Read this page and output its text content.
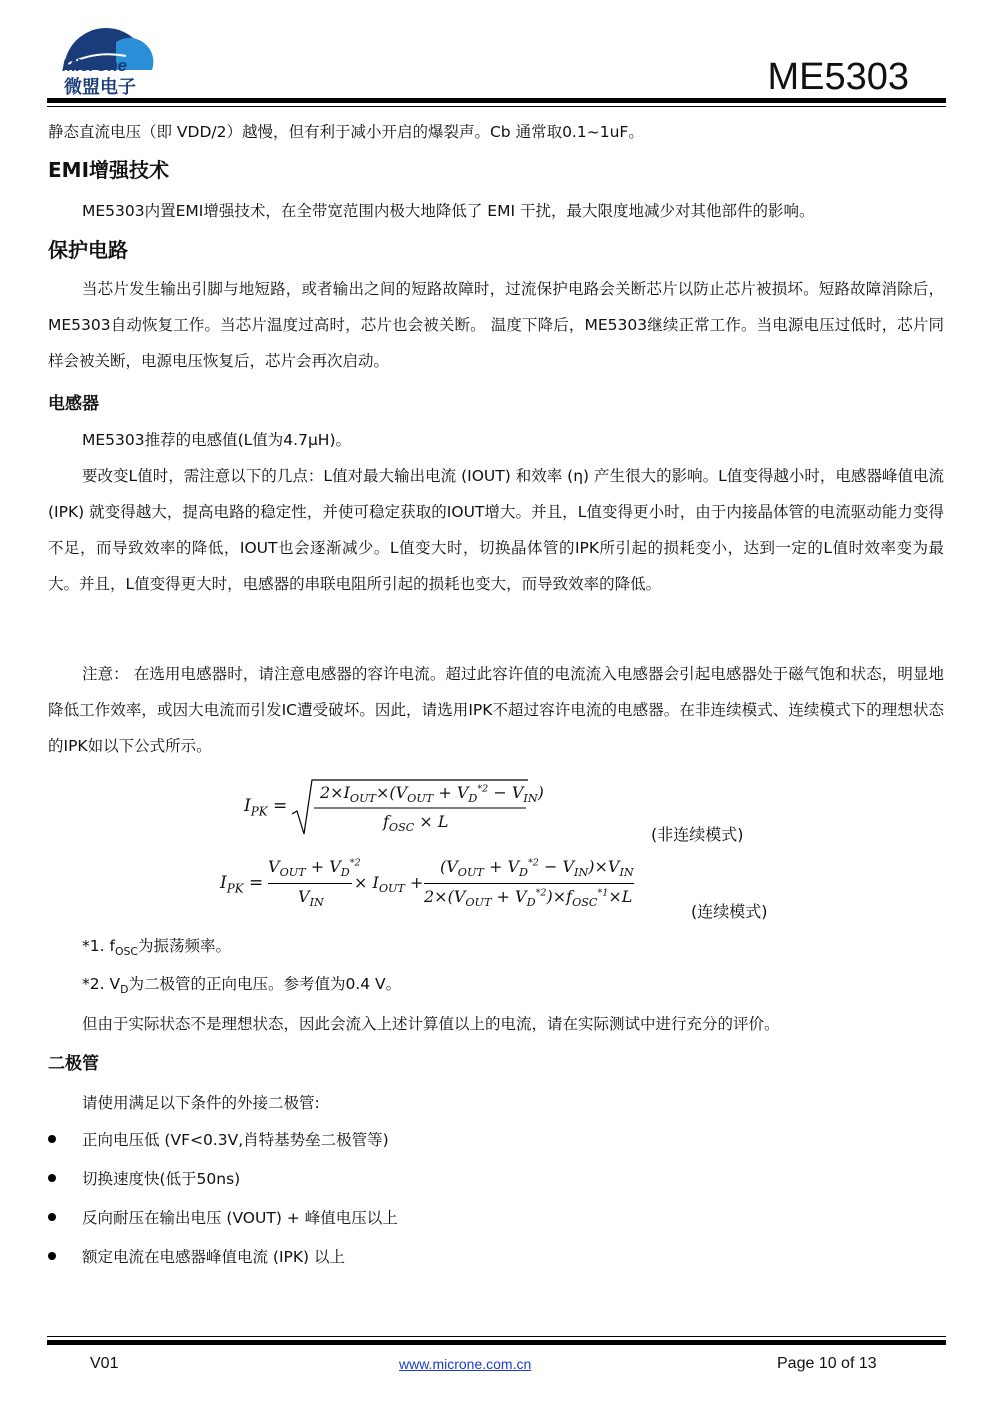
MicrOne
微盟电子	ME5303
静态直流电压（即 VDD/2）越慢，但有利于减小开启的爆裂声。Cb 通常取0.1~1uF。
EMI增强技术
ME5303内置EMI增强技术，在全带宽范围内极大地降低了 EMI 干扰，最大限度地减少对其他部件的影响。
保护电路
当芯片发生输出引脚与地短路，或者输出之间的短路故障时，过流保护电路会关断芯片以防止芯片被损坏。短路故障消除后，ME5303自动恢复工作。当芯片温度过高时，芯片也会被关断。 温度下降后，ME5303继续正常工作。当电源电压过低时，芯片同样会被关断，电源电压恢复后，芯片会再次启动。
电感器
ME5303推荐的电感值(L值为4.7µH)。
要改变L值时，需注意以下的几点：L值对最大输出电流 (IOUT) 和效率 (η) 产生很大的影响。L值变得越小时，电感器峰值电流 (IPK) 就变得越大，提高电路的稳定性，并使可稳定获取的IOUT增大。并且，L值变得更小时，由于内接晶体管的电流驱动能力变得不足，而导致效率的降低，IOUT也会逐渐减少。L值变大时，切换晶体管的IPK所引起的损耗变小，达到一定的L值时效率变为最大。并且，L值变得更大时，电感器的串联电阻所引起的损耗也变大，而导致效率的降低。
注意： 在选用电感器时，请注意电感器的容许电流。超过此容许值的电流流入电感器会引起电感器处于磁气饱和状态，明显地降低工作效率，或因大电流而引发IC遭受破坏。因此，请选用IPK不超过容许电流的电感器。在非连续模式、连续模式下的理想状态的IPK如以下公式所示。
$I_{PK}$ =
$2\times I_{OUT}\times(V_{OUT} + V_D^{*2} - V_{IN})$
$f_{OSC} \times L$
(非连续模式)
$I_{PK}$ =
$V_{OUT} + V_D^{*2}$
$V_{IN}$
× $I_{OUT}$ +
$(V_{OUT} + V_D^{*2} - V_{IN})\times V_{IN}$
$2\times(V_{OUT} + V_D^{*2})\times f_{OSC}^{*1}\times L$
(连续模式)
*1. $f_{OSC}$为振荡频率。
*2. $V_D$为二极管的正向电压。参考值为0.4 V。
但由于实际状态不是理想状态，因此会流入上述计算值以上的电流，请在实际测试中进行充分的评价。
二极管
请使用满足以下条件的外接二极管:
正向电压低 (VF<0.3V,肖特基势垒二极管等)
切换速度快(低于50ns)
反向耐压在输出电压 (VOUT) + 峰值电压以上
额定电流在电感器峰值电流 (IPK) 以上
V01	www.microne.com.cn	Page 10 of 13
